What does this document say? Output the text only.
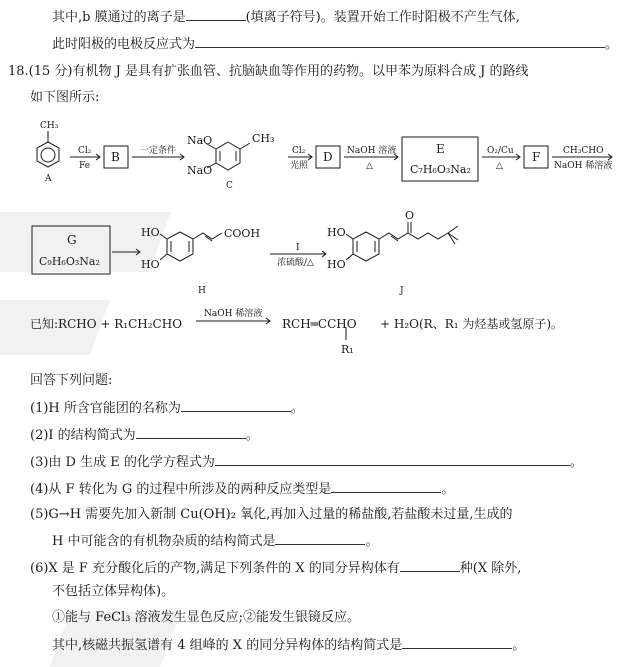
其中,b 膜通过的离子是	(填离子符号)。装置开始工作时阳极不产生气体,
此时阳极的电极反应式为	。
18.(15 分)有机物 J 是具有扩张血管、抗脑缺血等作用的药物。以甲苯为原料合成 J 的路线
如下图所示:
CH₃
A
Cl₂
Fe
B 一定条件
NaO
NaO
CH₃
C
Cl₂
光照
D NaOH 溶液
△
E
C₇H₆O₃Na₂
O₂/Cu
△
F	CH₃CHO
NaOH 稀溶液
G
C₉H₆O₃Na₂
HO
HO
COOH
H
I
浓硫酸/△
HO
HO
O
J
已知:RCHO + R₁CH₂CHO
NaOH 稀溶液
RCH═CCHO
R₁
+ H₂O(R、R₁ 为烃基或氢原子)。
回答下列问题:
(1)H 所含官能团的名称为	。
(2)I 的结构简式为	。
(3)由 D 生成 E 的化学方程式为	。
(4)从 F 转化为 G 的过程中所涉及的两种反应类型是	。
(5)G→H 需要先加入新制 Cu(OH)₂ 氧化,再加入过量的稀盐酸,若盐酸未过量,生成的
H 中可能含的有机物杂质的结构简式是	。
(6)X 是 F 充分酸化后的产物,满足下列条件的 X 的同分异构体有	种(X 除外,
不包括立体异构体)。
①能与 FeCl₃ 溶液发生显色反应;②能发生银镜反应。
其中,核磁共振氢谱有 4 组峰的 X 的同分异构体的结构简式是	。
